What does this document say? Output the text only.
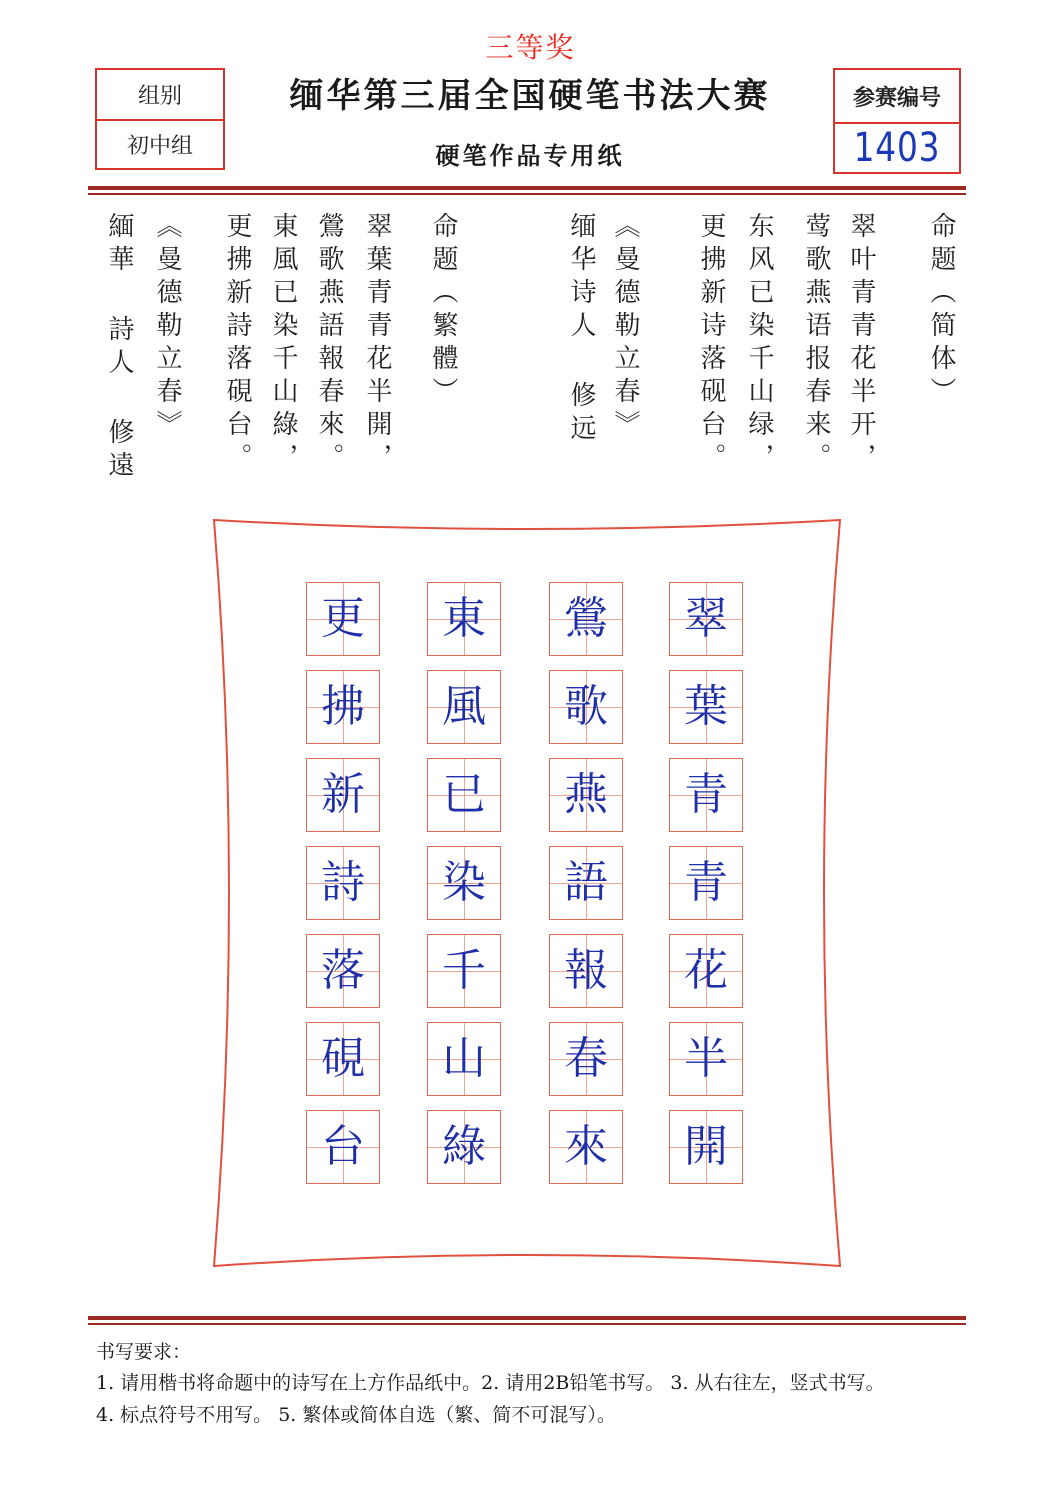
三等奖
组别
初中组
缅华第三届全国硬笔书法大赛
硬笔作品专用纸
参赛编号
1403
命题（简体）
翠叶青青花半开，
莺歌燕语报春来。
东风已染千山绿，
更拂新诗落砚台。
《曼德勒立春》
缅华诗人 修远
命题（繁體）
翠葉青青花半開，
鶯歌燕語報春來。
東風已染千山綠，
更拂新詩落硯台。
《曼德勒立春》
緬華 詩人 修遠
翠
葉
青
青
花
半
開
鶯
歌
燕
語
報
春
來
東
風
已
染
千
山
綠
更
拂
新
詩
落
硯
台
书写要求：
1. 请用楷书将命题中的诗写在上方作品纸中。2. 请用2B铅笔书写。 3. 从右往左，竖式书写。
4. 标点符号不用写。 5. 繁体或简体自选（繁、简不可混写）。
